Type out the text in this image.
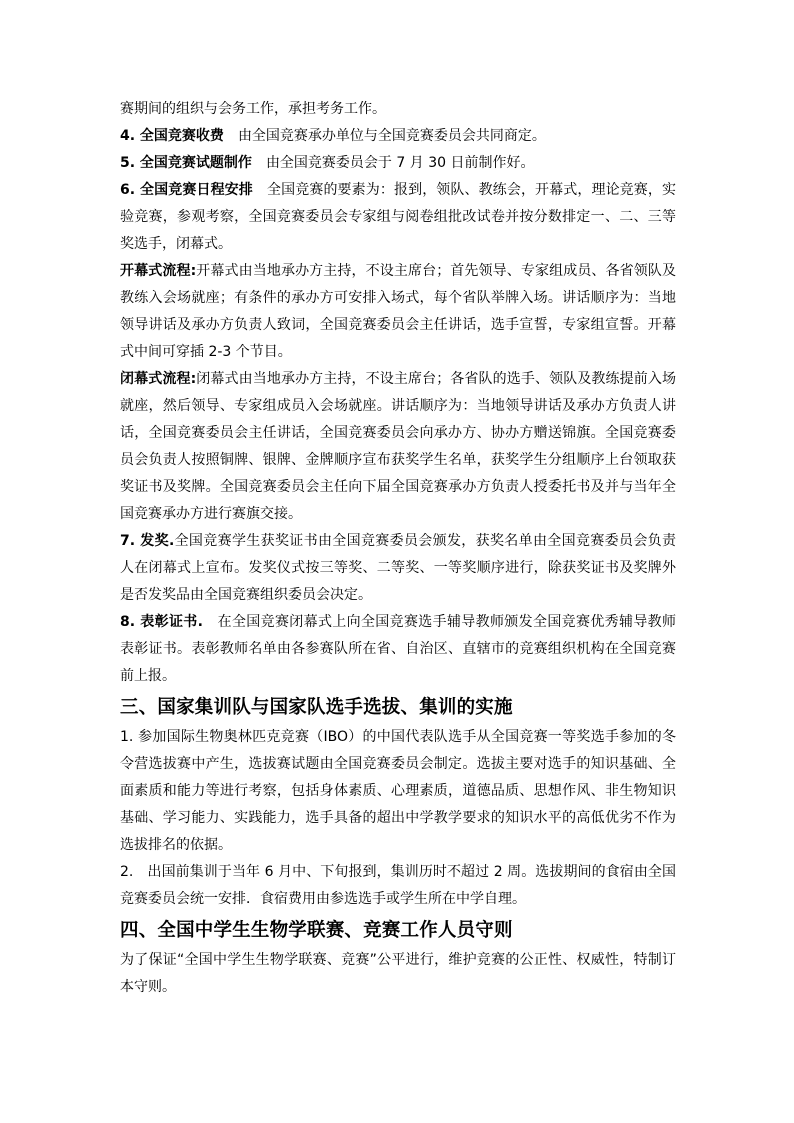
赛期间的组织与会务工作，承担考务工作。

4. 全国竞赛收费　 由全国竞赛承办单位与全国竞赛委员会共同商定。

5. 全国竞赛试题制作　 由全国竞赛委员会于 7 月 30 日前制作好。

6. 全国竞赛日程安排　 全国竞赛的要素为：报到，领队、教练会，开幕式，理论竞赛，实验竞赛，参观考察，全国竞赛委员会专家组与阅卷组批改试卷并按分数排定一、二、三等奖选手，闭幕式。

开幕式流程:开幕式由当地承办方主持，不设主席台；首先领导、专家组成员、各省领队及教练入会场就座；有条件的承办方可安排入场式，每个省队举牌入场。讲话顺序为：当地领导讲话及承办方负责人致词，全国竞赛委员会主任讲话，选手宣誓，专家组宣誓。开幕式中间可穿插 2-3 个节目。

闭幕式流程:闭幕式由当地承办方主持，不设主席台；各省队的选手、领队及教练提前入场就座，然后领导、专家组成员入会场就座。讲话顺序为：当地领导讲话及承办方负责人讲话，全国竞赛委员会主任讲话，全国竞赛委员会向承办方、协办方赠送锦旗。全国竞赛委员会负责人按照铜牌、银牌、金牌顺序宣布获奖学生名单，获奖学生分组顺序上台领取获奖证书及奖牌。全国竞赛委员会主任向下届全国竞赛承办方负责人授委托书及并与当年全国竞赛承办方进行赛旗交接。

7. 发奖.全国竞赛学生获奖证书由全国竞赛委员会颁发，获奖名单由全国竞赛委员会负责人在闭幕式上宣布。发奖仪式按三等奖、二等奖、一等奖顺序进行，除获奖证书及奖牌外是否发奖品由全国竞赛组织委员会决定。

8. 表彰证书.　 在全国竞赛闭幕式上向全国竞赛选手辅导教师颁发全国竞赛优秀辅导教师表彰证书。表彰教师名单由各参赛队所在省、自治区、直辖市的竞赛组织机构在全国竞赛前上报。

三、国家集训队与国家队选手选拔、集训的实施

1. 参加国际生物奥林匹克竞赛（IBO）的中国代表队选手从全国竞赛一等奖选手参加的冬令营选拔赛中产生，选拔赛试题由全国竞赛委员会制定。选拔主要对选手的知识基础、全面素质和能力等进行考察，包括身体素质、心理素质，道德品质、思想作风、非生物知识基础、学习能力、实践能力，选手具备的超出中学教学要求的知识水平的高低优劣不作为选拔排名的依据。

2.　出国前集训于当年 6 月中、下旬报到，集训历时不超过 2 周。选拔期间的食宿由全国竞赛委员会统一安排．食宿费用由参选选手或学生所在中学自理。

四、全国中学生生物学联赛、竞赛工作人员守则

为了保证“全国中学生生物学联赛、竞赛”公平进行，维护竞赛的公正性、权威性，特制订本守则。
